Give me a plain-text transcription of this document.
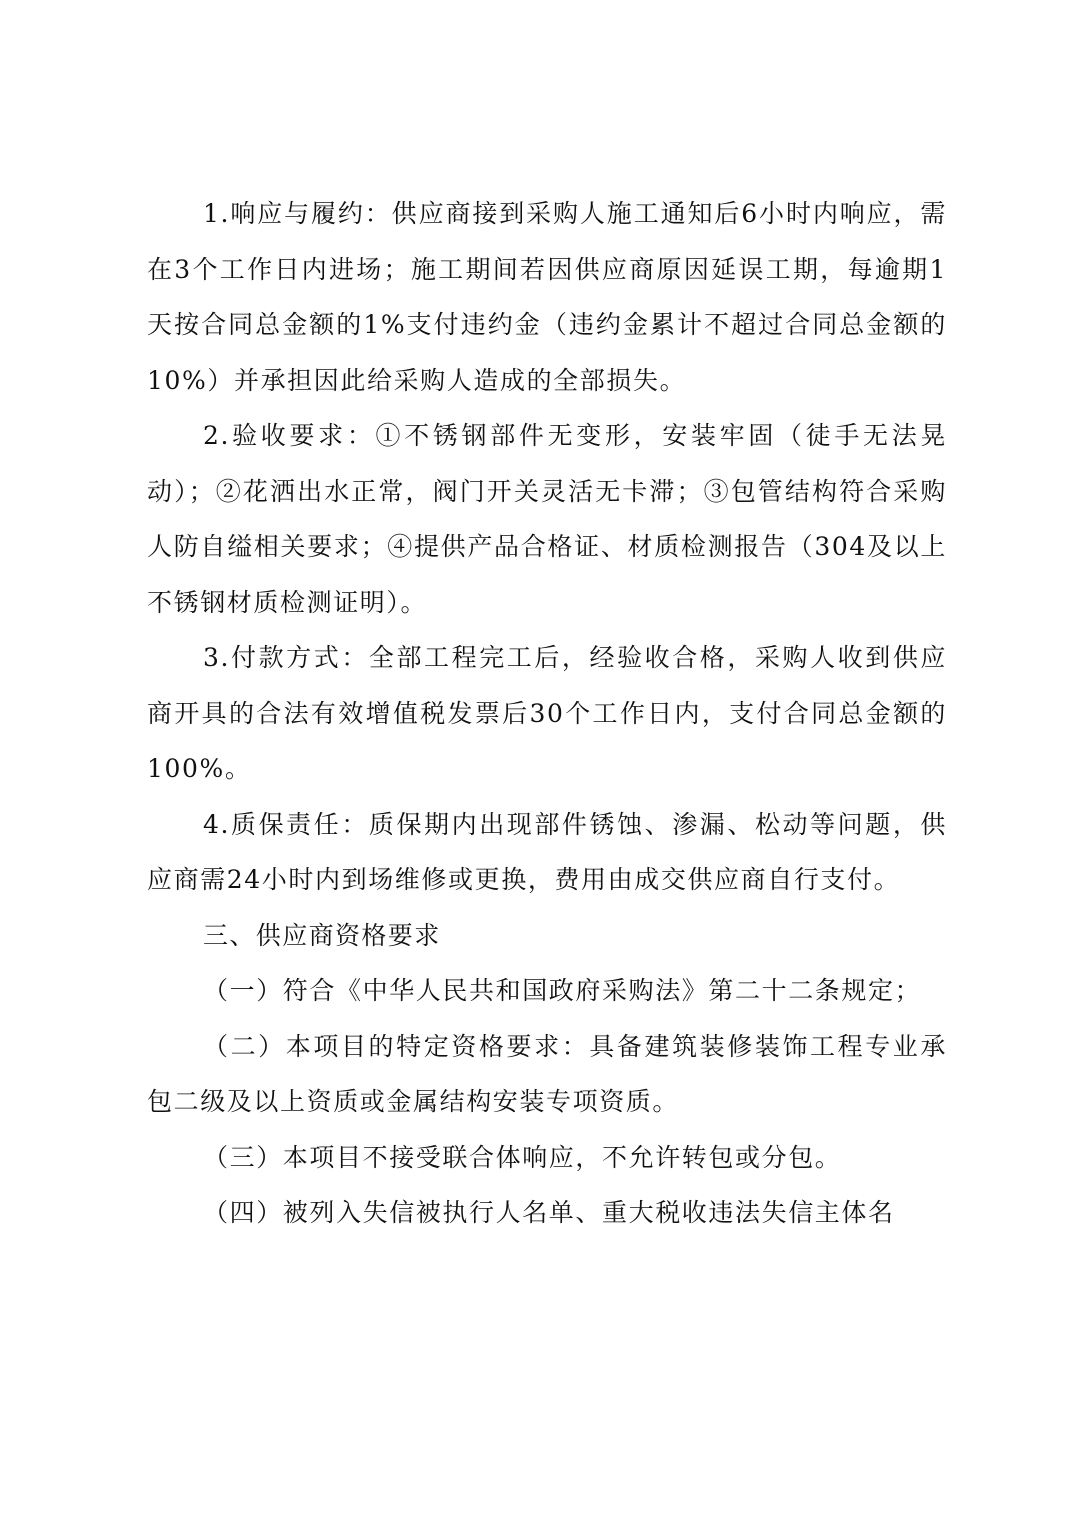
1.响应与履约：供应商接到采购人施工通知后6小时内响应，需在3个工作日内进场；施工期间若因供应商原因延误工期，每逾期1天按合同总金额的1%支付违约金（违约金累计不超过合同总金额的10%）并承担因此给采购人造成的全部损失。

2.验收要求：①不锈钢部件无变形，安装牢固（徒手无法晃动）；②花洒出水正常，阀门开关灵活无卡滞；③包管结构符合采购人防自缢相关要求；④提供产品合格证、材质检测报告（304及以上不锈钢材质检测证明）。

3.付款方式：全部工程完工后，经验收合格，采购人收到供应商开具的合法有效增值税发票后30个工作日内，支付合同总金额的100%。

4.质保责任：质保期内出现部件锈蚀、渗漏、松动等问题，供应商需24小时内到场维修或更换，费用由成交供应商自行支付。

三、供应商资格要求

（一）符合《中华人民共和国政府采购法》第二十二条规定；

（二）本项目的特定资格要求：具备建筑装修装饰工程专业承包二级及以上资质或金属结构安装专项资质。

（三）本项目不接受联合体响应，不允许转包或分包。

（四）被列入失信被执行人名单、重大税收违法失信主体名
